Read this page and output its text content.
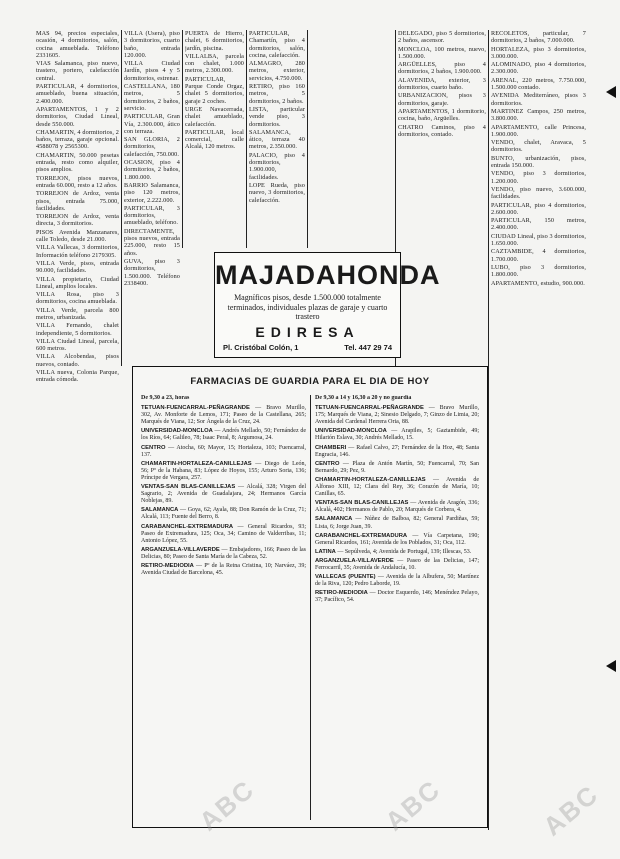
MAS 94, precios especiales, ocasión, 4 dormitorios, salón, cocina amueblada. Teléfono 2331605.

VIAS Salamanca, piso nuevo, trastero, portero, calefacción central.

PARTICULAR, 4 dormitorios, amueblado, buena situación, 2.400.000.

APARTAMENTOS, 1 y 2 dormitorios, Ciudad Lineal, desde 550.000.

CHAMARTIN, 4 dormitorios, 2 baños, terraza, garaje opcional. 4588078 y 2565300.

CHAMARTIN, 50.000 pesetas entrada, resto como alquiler, pisos amplios.

TORREJON, pisos nuevos, entrada 60.000, resto a 12 años.

TORREJON de Ardoz, venta pisos, entrada 75.000, facilidades.

TORREJON de Ardoz, venta directa, 3 dormitorios.

PISOS Avenida Manzanares, calle Toledo, desde 21.000.

VILLA Vallecas, 3 dormitorios, Información teléfono 2179305.

VILLA Verde, pisos, entrada 90.000, facilidades.

VILLA propietario, Ciudad Lineal, amplios locales.

VILLA Rosa, piso 3 dormitorios, cocina amueblada.

VILLA Verde, parcela 800 metros, urbanizada.

VILLA Fernando, chalet independiente, 5 dormitorios.

VILLA Ciudad Lineal, parcela, 600 metros.

VILLA Alcobendas, pisos nuevos, contado.

VILLA nueva, Colonia Parque, entrada cómoda.

VILLA (Usera), piso 3 dormitorios, cuarto baño, entrada 120.000.

VILLA Ciudad Jardín, pisos 4 y 5 dormitorios, estrenar.

CASTELLANA, 180 metros, 5 dormitorios, 2 baños, servicio.

PARTICULAR, Gran Vía, 2.300.000, ático con terraza.

SAN GLORIA, 2 dormitorios, calefacción, 750.000.

OCASION, piso 4 dormitorios, 2 baños, 1.800.000.

BARRIO Salamanca, piso 120 metros, exterior, 2.222.000.

PARTICULAR, 3 dormitorios, amueblado, teléfono.

DIRECTAMENTE, pisos nuevos, entrada 225.000, resto 15 años.

GUVA, piso 3 dormitorios, 1.500.000. Teléfono 2338400.

PUERTA de Hierro, chalet, 6 dormitorios, jardín, piscina.

VILLALBA, parcela con chalet, 1.000 metros, 2.300.000.

PARTICULAR, Parque Conde Orgaz, chalet 5 dormitorios, garaje 2 coches.

URGE Navacerrada, chalet amueblado, calefacción.

PARTICULAR, local comercial, calle Alcalá, 120 metros.

PARTICULAR, Chamartín, piso 4 dormitorios, salón, cocina, calefacción.

ALMAGRO, 280 metros, exterior, servicios, 4.750.000.

RETIRO, piso 160 metros, 5 dormitorios, 2 baños.

LISTA, particular vende piso, 3 dormitorios.

SALAMANCA, ático, terraza 40 metros, 2.350.000.

PALACIO, piso 4 dormitorios, 1.900.000, facilidades.

LOPE Rueda, piso nuevo, 3 dormitorios, calefacción.

DELEGADO, piso 5 dormitorios, 2 baños, ascensor.

MONCLOA, 100 metros, nuevo, 1.500.000.

ARGÜELLES, piso 4 dormitorios, 2 baños, 1.900.000.

ALAVENIDA, exterior, 3 dormitorios, cuarto baño.

URBANIZACION, pisos 3 dormitorios, garaje.

APARTAMENTOS, 1 dormitorio, cocina, baño, Argüelles.

CHATRO Caminos, piso 4 dormitorios, contado.

RECOLETOS, particular, 7 dormitorios, 2 baños, 7.000.000.

HORTALEZA, piso 3 dormitorios, 3.000.000.

ALOMINADO, piso 4 dormitorios, 2.300.000.

ARENAL, 220 metros, 7.750.000, 1.500.000 contado.

AVENIDA Mediterráneo, pisos 3 dormitorios.

MARTINEZ Campos, 250 metros, 3.800.000.

APARTAMENTO, calle Princesa, 1.900.000.

VENDO, chalet, Aravaca, 5 dormitorios.

BUNTO, urbanización, pisos, entrada 150.000.

VENDO, piso 3 dormitorios, 1.200.000.

VENDO, piso nuevo, 3.600.000, facilidades.

PARTICULAR, piso 4 dormitorios, 2.600.000.

PARTICULAR, 150 metros, 2.400.000.

CIUDAD Lineal, piso 3 dormitorios, 1.650.000.

CAZTAMBIDE, 4 dormitorios, 1.700.000.

LUBO, piso 3 dormitorios, 1.800.000.

APARTAMENTO, estudio, 900.000.

MAJADAHONDA
Magníficos pisos, desde 1.500.000 totalmente terminados, individuales plazas de garaje y cuarto trastero
EDIRESA
Pl. Cristóbal Colón, 1	Tel. 447 29 74
FARMACIAS DE GUARDIA PARA EL DIA DE HOY

De 9,30 a 23, horas

TETUAN-FUENCARRAL-PEÑAGRANDE — Bravo Murillo, 302, Av. Monforte de Lemos, 171; Paseo de la Castellana, 265; Marqués de Viana, 12; Sor Ángela de la Cruz, 24.

UNIVERSIDAD-MONCLOA — Andrés Mellado, 50; Fernández de los Ríos, 64; Galileo, 78; Isaac Peral, 8; Argumosa, 24.

CENTRO — Atocha, 60; Mayor, 15; Hortaleza, 103; Fuencarral, 137.

CHAMARTIN-HORTALEZA-CANILLEJAS — Diego de León, 56; Pº de la Habana, 83; López de Hoyos, 155; Arturo Soria, 136; Príncipe de Vergara, 257.

VENTAS-SAN BLAS-CANILLEJAS — Alcalá, 328; Virgen del Sagrario, 2; Avenida de Guadalajara, 24; Hermanos García Noblejas, 89.

SALAMANCA — Goya, 62; Ayala, 88; Don Ramón de la Cruz, 71; Alcalá, 113; Fuente del Berro, 8.

CARABANCHEL-EXTREMADURA — General Ricardos, 93; Paseo de Extremadura, 125; Oca, 34; Camino de Valderribas, 11; Antonio López, 55.

ARGANZUELA-VILLAVERDE — Embajadores, 166; Paseo de las Delicias, 80; Paseo de Santa María de la Cabeza, 52.

RETIRO-MEDIODIA — Pº de la Reina Cristina, 10; Narváez, 39; Avenida Ciudad de Barcelona, 45.

De 9,30 a 14 y 16,30 a 20 y no guardia

TETUAN-FUENCARRAL-PEÑAGRANDE — Bravo Murillo, 175; Marqués de Viana, 2; Sinesio Delgado, 7; Ginzo de Limia, 20; Avenida del Cardenal Herrera Oria, 88.

UNIVERSIDAD-MONCLOA — Arapiles, 5; Gaztambide, 49; Hilarión Eslava, 30; Andrés Mellado, 15.

CHAMBERI — Rafael Calvo, 27; Fernández de la Hoz, 48; Santa Engracia, 146.

CENTRO — Plaza de Antón Martín, 50; Fuencarral, 70; San Bernardo, 29; Pez, 9.

CHAMARTIN-HORTALEZA-CANILLEJAS — Avenida de Alfonso XIII, 12; Clara del Rey, 36; Corazón de María, 10; Canillas, 65.

VENTAS-SAN BLAS-CANILLEJAS — Avenida de Aragón, 336; Alcalá, 402; Hermanos de Pablo, 20; Marqués de Corbera, 4.

SALAMANCA — Núñez de Balboa, 82; General Pardiñas, 59; Lista, 6; Jorge Juan, 39.

CARABANCHEL-EXTREMADURA — Vía Carpetana, 190; General Ricardos, 161; Avenida de los Poblados, 31; Oca, 112.

LATINA — Sepúlveda, 4; Avenida de Portugal, 139; Illescas, 53.

ARGANZUELA-VILLAVERDE — Paseo de las Delicias, 147; Ferrocarril, 35; Avenida de Andalucía, 10.

VALLECAS (PUENTE) — Avenida de la Albufera, 50; Martínez de la Riva, 120; Pedro Laborde, 19.

RETIRO-MEDIODIA — Doctor Esquerdo, 146; Menéndez Pelayo, 37; Pacífico, 54.

ABC	ABC	ABC
